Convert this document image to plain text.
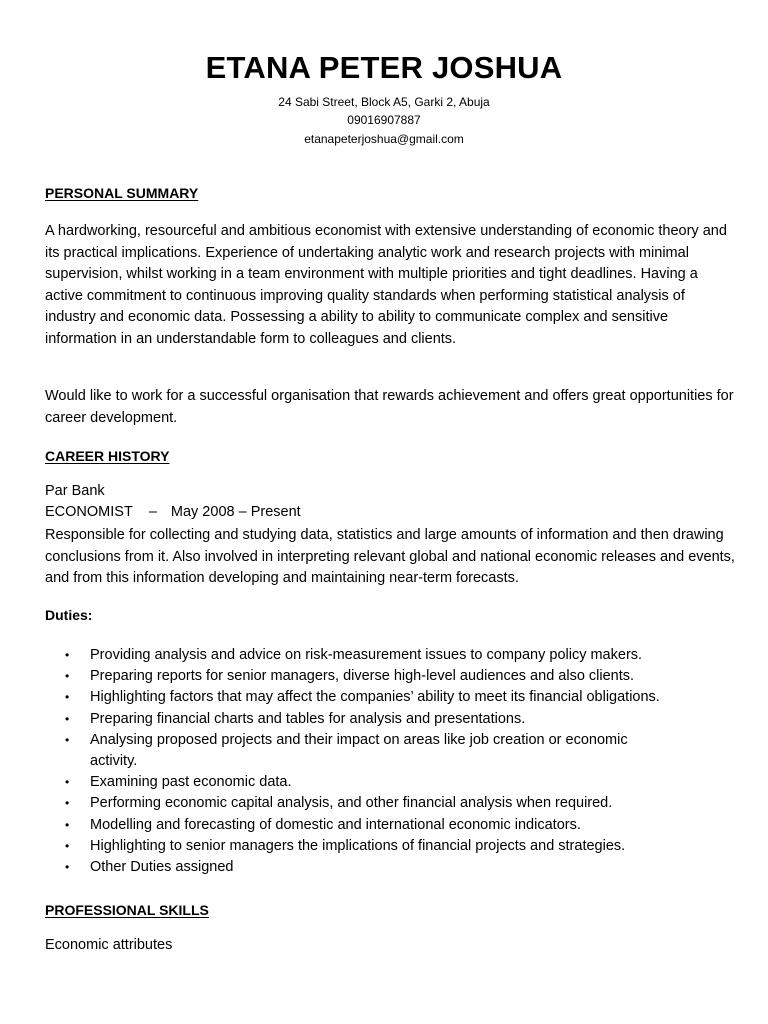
ETANA PETER JOSHUA
24 Sabi Street, Block A5, Garki 2, Abuja
09016907887
etanapeterjoshua@gmail.com
PERSONAL SUMMARY

A hardworking, resourceful and ambitious economist with extensive understanding of economic theory and its practical implications. Experience of undertaking analytic work and research projects with minimal supervision, whilst working in a team environment with multiple priorities and tight deadlines. Having a active commitment to continuous improving quality standards when performing statistical analysis of industry and economic data. Possessing a ability to ability to communicate complex and sensitive information in an understandable form to colleagues and clients.

Would like to work for a successful organisation that rewards achievement and offers great opportunities for career development.

CAREER HISTORY
Par Bank
ECONOMIST – May 2008 – Present

Responsible for collecting and studying data, statistics and large amounts of information and then drawing conclusions from it. Also involved in interpreting relevant global and national economic releases and events, and from this information developing and maintaining near-term forecasts.

Duties:
• Providing analysis and advice on risk-measurement issues to company policy makers.
• Preparing reports for senior managers, diverse high-level audiences and also clients.
• Highlighting factors that may affect the companies’ ability to meet its financial obligations.
• Preparing financial charts and tables for analysis and presentations.
• Analysing proposed projects and their impact on areas like job creation or economic activity.
• Examining past economic data.
• Performing economic capital analysis, and other financial analysis when required.
• Modelling and forecasting of domestic and international economic indicators.
• Highlighting to senior managers the implications of financial projects and strategies.
• Other Duties assigned
PROFESSIONAL SKILLS
Economic attributes
